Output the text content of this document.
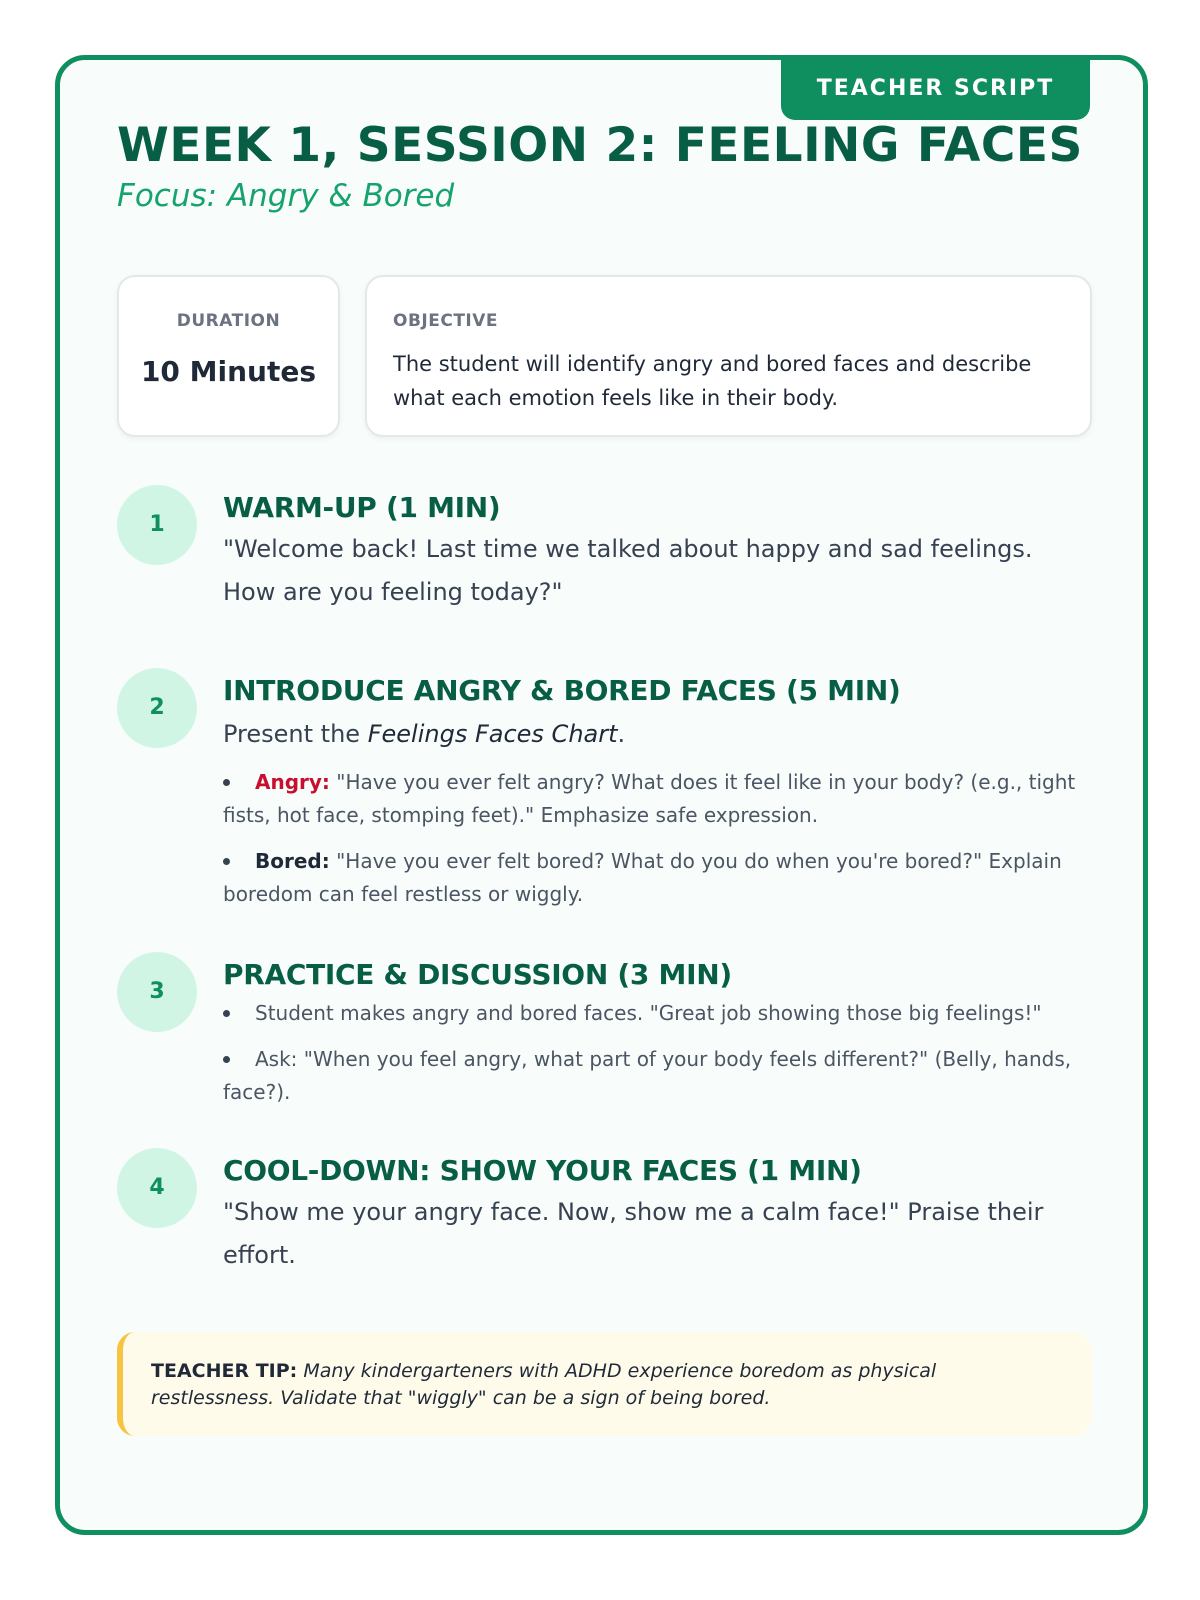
TEACHER SCRIPT
WEEK 1, SESSION 2: FEELING FACES
Focus: Angry & Bored
DURATION
10 Minutes
OBJECTIVE
The student will identify angry and bored faces and describe what each emotion feels like in their body.
1
WARM-UP (1 MIN)
"Welcome back! Last time we talked about happy and sad feelings. How are you feeling today?"
2
INTRODUCE ANGRY & BORED FACES (5 MIN)
Present the Feelings Faces Chart.
Angry: "Have you ever felt angry? What does it feel like in your body? (e.g., tight fists, hot face, stomping feet)." Emphasize safe expression.
Bored: "Have you ever felt bored? What do you do when you're bored?" Explain boredom can feel restless or wiggly.
3
PRACTICE & DISCUSSION (3 MIN)
Student makes angry and bored faces. "Great job showing those big feelings!"
Ask: "When you feel angry, what part of your body feels different?" (Belly, hands, face?).
4
COOL-DOWN: SHOW YOUR FACES (1 MIN)
"Show me your angry face. Now, show me a calm face!" Praise their effort.
TEACHER TIP: Many kindergarteners with ADHD experience boredom as physical restlessness. Validate that "wiggly" can be a sign of being bored.
